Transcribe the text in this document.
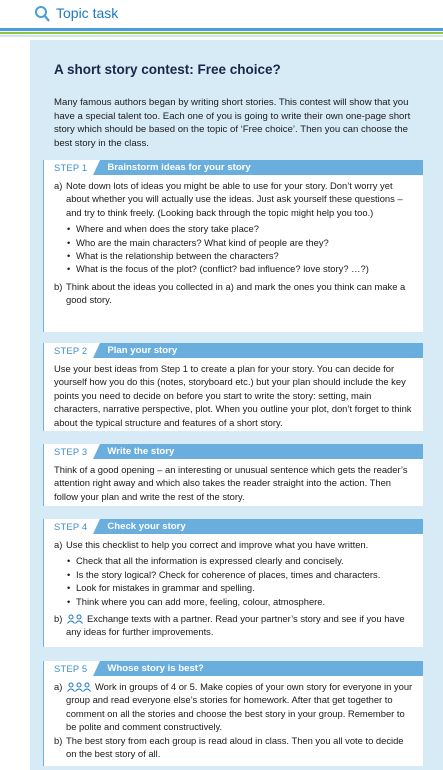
Topic task
A short story contest: Free choice?
Many famous authors began by writing short stories. This contest will show that you have a special talent too. Each one of you is going to write their own one-page short story which should be based on the topic of ‘Free choice’. Then you can choose the best story in the class.
STEP 1	Brainstorm ideas for your story
a) Note down lots of ideas you might be able to use for your story. Don’t worry yet about whether you will actually use the ideas. Just ask yourself these questions – and try to think freely. (Looking back through the topic might help you too.)
• Where and when does the story take place?
• Who are the main characters? What kind of people are they?
• What is the relationship between the characters?
• What is the focus of the plot? (conflict? bad influence? love story? …?)
b) Think about the ideas you collected in a) and mark the ones you think can make a good story.
STEP 2	Plan your story
Use your best ideas from Step 1 to create a plan for your story. You can decide for yourself how you do this (notes, storyboard etc.) but your plan should include the key points you need to decide on before you start to write the story: setting, main characters, narrative perspective, plot. When you outline your plot, don’t forget to think about the typical structure and features of a short story.
STEP 3	Write the story
Think of a good opening – an interesting or unusual sentence which gets the reader’s attention right away and which also takes the reader straight into the action. Then follow your plan and write the rest of the story.
STEP 4	Check your story
a) Use this checklist to help you correct and improve what you have written.
• Check that all the information is expressed clearly and concisely.
• Is the story logical? Check for coherence of places, times and characters.
• Look for mistakes in grammar and spelling.
• Think where you can add more, feeling, colour, atmosphere.
b)	Exchange texts with a partner. Read your partner’s story and see if you have any ideas for further improvements.
STEP 5	Whose story is best?
a)	Work in groups of 4 or 5. Make copies of your own story for everyone in your group and read everyone else’s stories for homework. After that get together to comment on all the stories and choose the best story in your group. Remember to be polite and comment constructively.
b) The best story from each group is read aloud in class. Then you all vote to decide on the best story of all.
